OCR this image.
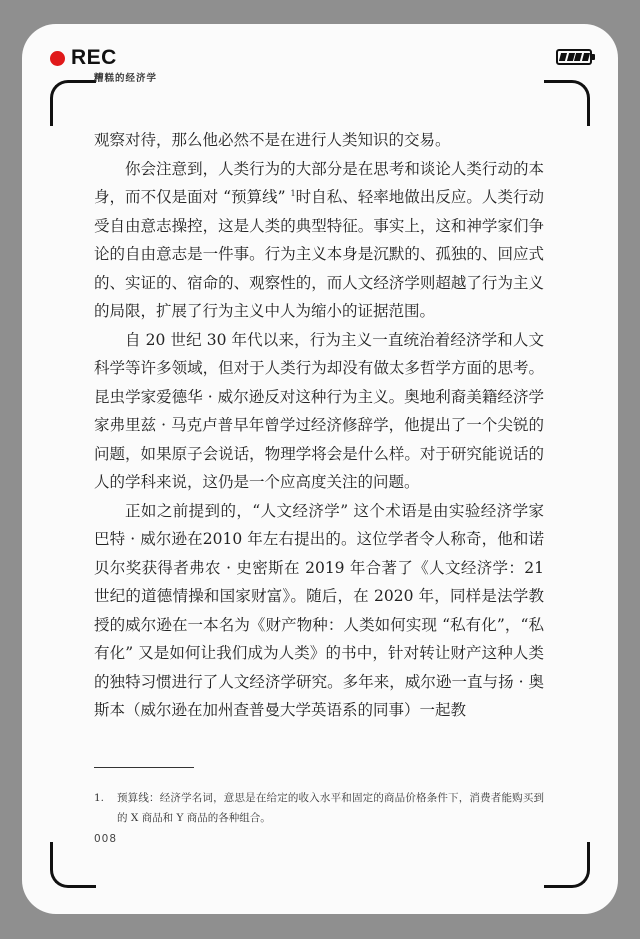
REC
糟糕的经济学

观察对待，那么他必然不是在进行人类知识的交易。

你会注意到，人类行为的大部分是在思考和谈论人类行动的本身，而不仅是面对 “预算线” $^1$时自私、轻率地做出反应。人类行动受自由意志操控，这是人类的典型特征。事实上，这和神学家们争论的自由意志是一件事。行为主义本身是沉默的、孤独的、回应式的、实证的、宿命的、观察性的，而人文经济学则超越了行为主义的局限，扩展了行为主义中人为缩小的证据范围。

自 20 世纪 30 年代以来，行为主义一直统治着经济学和人文科学等许多领域，但对于人类行为却没有做太多哲学方面的思考。昆虫学家爱德华 · 威尔逊反对这种行为主义。奥地利裔美籍经济学家弗里兹 · 马克卢普早年曾学过经济修辞学，他提出了一个尖锐的问题，如果原子会说话，物理学将会是什么样。对于研究能说话的人的学科来说，这仍是一个应高度关注的问题。

正如之前提到的，“人文经济学” 这个术语是由实验经济学家巴特 · 威尔逊在2010 年左右提出的。这位学者令人称奇，他和诺贝尔奖获得者弗农 · 史密斯在 2019 年合著了《人文经济学：21 世纪的道德情操和国家财富》。随后，在 2020 年，同样是法学教授的威尔逊在一本名为《财产物种：人类如何实现 “私有化”，“私有化” 又是如何让我们成为人类》的书中，针对转让财产这种人类的独特习惯进行了人文经济学研究。多年来，威尔逊一直与扬 · 奥斯本（威尔逊在加州查普曼大学英语系的同事）一起教

1.	预算线：经济学名词，意思是在给定的收入水平和固定的商品价格条件下，消费者能购买到的 X 商品和 Y 商品的各种组合。
008
